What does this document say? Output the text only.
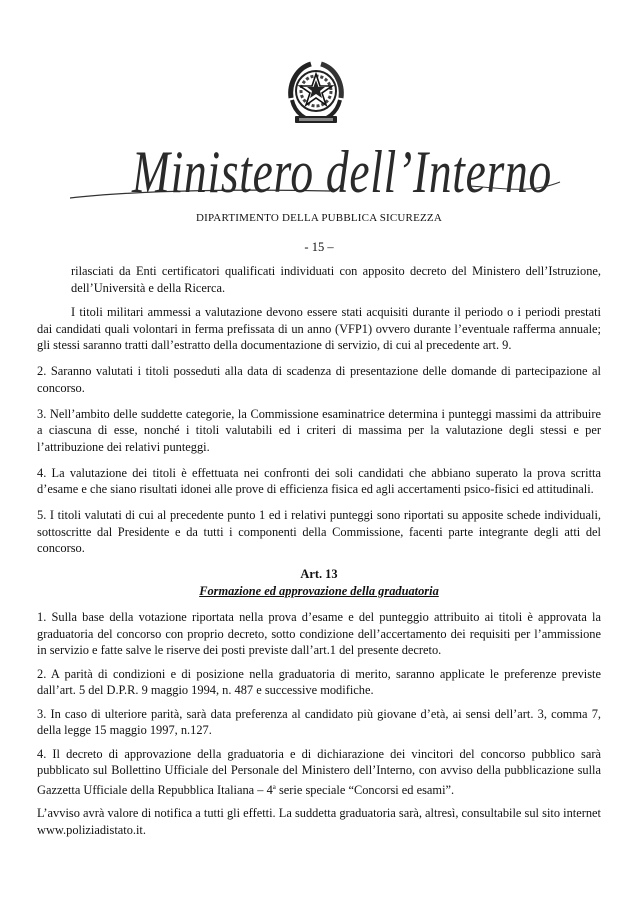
Ministero dell’Interno
DIPARTIMENTO DELLA PUBBLICA SICUREZZA
- 15 –

rilasciati da Enti certificatori qualificati individuati con apposito decreto del Ministero dell’Istruzione, dell’Università e della Ricerca.

I titoli militari ammessi a valutazione devono essere stati acquisiti durante il periodo o i periodi prestati dai candidati quali volontari in ferma prefissata di un anno (VFP1) ovvero durante l’eventuale rafferma annuale; gli stessi saranno tratti dall’estratto della documentazione di servizio, di cui al precedente art. 9.

2. Saranno valutati i titoli posseduti alla data di scadenza di presentazione delle domande di partecipazione al concorso.

3. Nell’ambito delle suddette categorie, la Commissione esaminatrice determina i punteggi massimi da attribuire a ciascuna di esse, nonché i titoli valutabili ed i criteri di massima per la valutazione degli stessi e per l’attribuzione dei relativi punteggi.

4. La valutazione dei titoli è effettuata nei confronti dei soli candidati che abbiano superato la prova scritta d’esame e che siano risultati idonei alle prove di efficienza fisica ed agli accertamenti psico-fisici ed attitudinali.

5. I titoli valutati di cui al precedente punto 1 ed i relativi punteggi sono riportati su apposite schede individuali, sottoscritte dal Presidente e da tutti i componenti della Commissione, facenti parte integrante degli atti del concorso.

Art. 13

Formazione ed approvazione della graduatoria

1. Sulla base della votazione riportata nella prova d’esame e del punteggio attribuito ai titoli è approvata la graduatoria del concorso con proprio decreto, sotto condizione dell’accertamento dei requisiti per l’ammissione in servizio e fatte salve le riserve dei posti previste dall’art.1 del presente decreto.

2. A parità di condizioni e di posizione nella graduatoria di merito, saranno applicate le preferenze previste dall’art. 5 del D.P.R. 9 maggio 1994, n. 487 e successive modifiche.

3. In caso di ulteriore parità, sarà data preferenza al candidato più giovane d’età, ai sensi dell’art. 3, comma 7, della legge 15 maggio 1997, n.127.

4. Il decreto di approvazione della graduatoria e di dichiarazione dei vincitori del concorso pubblico sarà pubblicato sul Bollettino Ufficiale del Personale del Ministero dell’Interno, con avviso della pubblicazione sulla Gazzetta Ufficiale della Repubblica Italiana – 4$^a$ serie speciale “Concorsi ed esami”.

L’avviso avrà valore di notifica a tutti gli effetti. La suddetta graduatoria sarà, altresì, consultabile sul sito internet www.poliziadistato.it.
